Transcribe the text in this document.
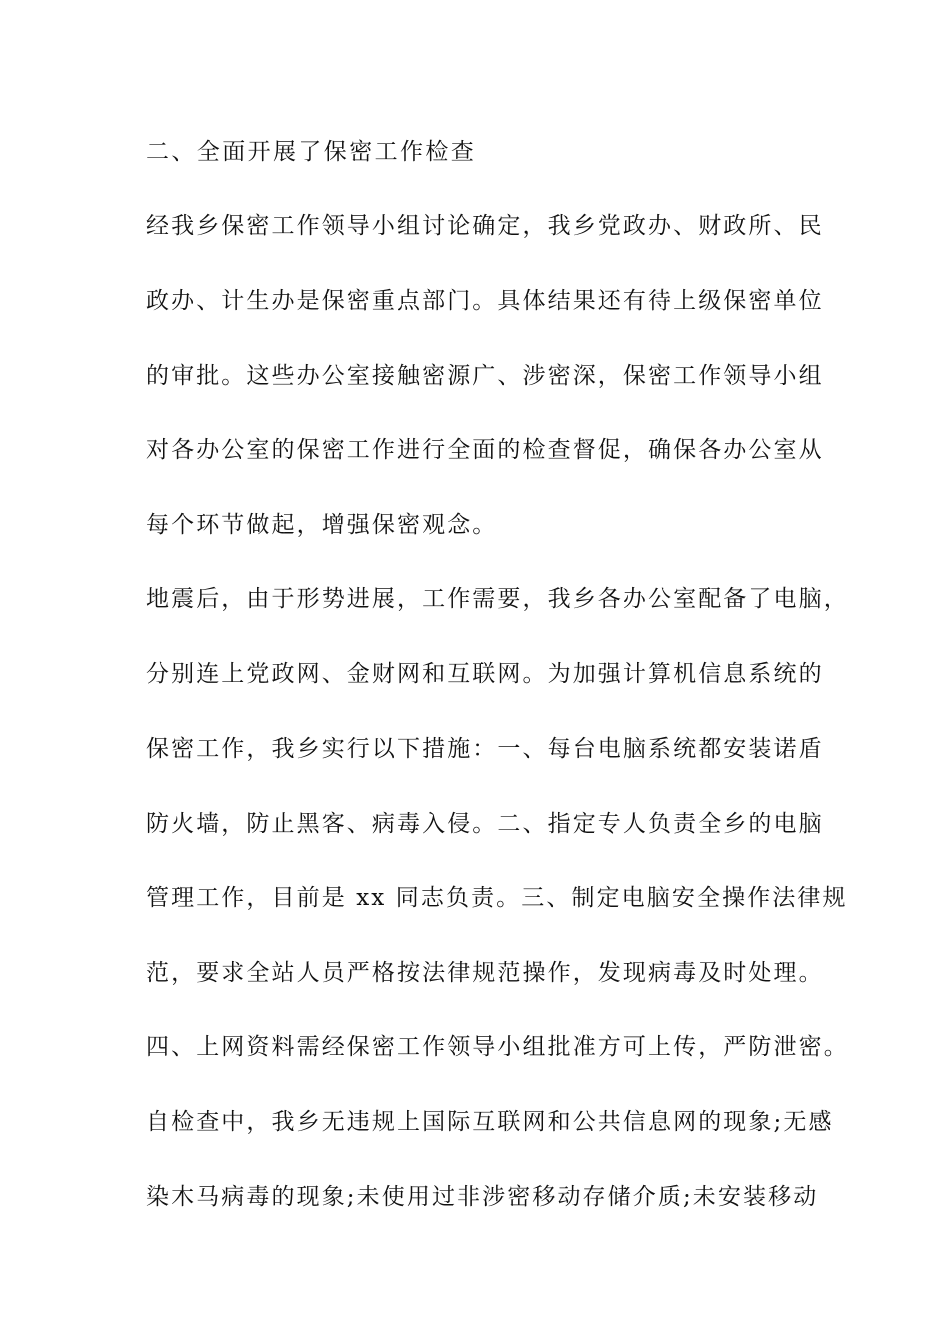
二、全面开展了保密工作检查
经我乡保密工作领导小组讨论确定，我乡党政办、财政所、民
政办、计生办是保密重点部门。具体结果还有待上级保密单位
的审批。这些办公室接触密源广、涉密深，保密工作领导小组
对各办公室的保密工作进行全面的检查督促，确保各办公室从
每个环节做起，增强保密观念。
地震后，由于形势进展，工作需要，我乡各办公室配备了电脑，
分别连上党政网、金财网和互联网。为加强计算机信息系统的
保密工作，我乡实行以下措施：一、每台电脑系统都安装诺盾
防火墙，防止黑客、病毒入侵。二、指定专人负责全乡的电脑
管理工作，目前是 xx 同志负责。三、制定电脑安全操作法律规
范，要求全站人员严格按法律规范操作，发现病毒及时处理。
四、上网资料需经保密工作领导小组批准方可上传，严防泄密。
自检查中，我乡无违规上国际互联网和公共信息网的现象;无感
染木马病毒的现象;未使用过非涉密移动存储介质;未安装移动
